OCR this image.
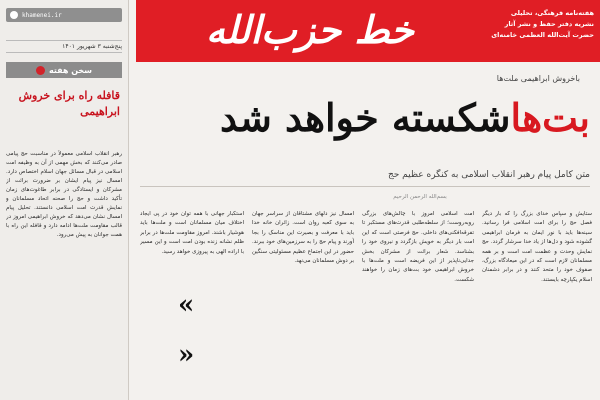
khamenei.ir
پنج‌شنبه ۳ شهریور ۱۴۰۱
سخن هفته
قافله راه برای خروش ابراهیمی
رهبر انقلاب اسلامی معمولاً در مناسبت حج پیامی صادر می‌کنند که بخش مهمی از آن به وظیفه امت اسلامی در قبال مسائل جهان اسلام اختصاص دارد. امسال نیز پیام ایشان بر ضرورت برائت از مشرکان و ایستادگی در برابر طاغوت‌های زمان تأکید داشت و حج را صحنه اتحاد مسلمانان و نمایش قدرت امت اسلامی دانستند. تحلیل پیام امسال نشان می‌دهد که خروش ابراهیمی امروز در قالب مقاومت ملت‌ها ادامه دارد و قافله این راه با همت جوانان به پیش می‌رود.
خط حزب‌الله	هفته‌نامه فرهنگی، تحلیلی
نشریه دفتر حفظ و نشر آثار
حضرت آیت‌الله العظمی خامنه‌ای
باخروش ابراهیمی ملت‌ها
بت‌هاشکسته خواهد شد
متن کامل پیام رهبر انقلاب اسلامی به کنگره عظیم حج
بسم‌الله الرحمن الرحیم
ستایش و سپاس خدای بزرگ را که بار دیگر فصل حج را برای امت اسلامی فرا رسانید. سینه‌ها باید با نور ایمان به فرمان ابراهیمی گشوده شود و دل‌ها از یاد خدا سرشار گردد. حج نمایش وحدت و عظمت امت است و بر همه مسلمانان لازم است که در این میعادگاه بزرگ، صفوف خود را متحد کنند و در برابر دشمنان اسلام یکپارچه بایستند.
امت اسلامی امروز با چالش‌های بزرگی روبه‌روست؛ از سلطه‌طلبی قدرت‌های مستکبر تا تفرقه‌افکنی‌های داخلی. حج فرصتی است که این امت بار دیگر به خویش بازگردد و نیروی خود را بشناسد. شعار برائت از مشرکان بخش جدایی‌ناپذیر از این فریضه است و ملت‌ها با خروش ابراهیمی خود بت‌های زمان را خواهند شکست.
امسال نیز دلهای مشتاقان از سراسر جهان به سوی کعبه روان است. زائران خانه خدا باید با معرفت و بصیرت این مناسک را بجا آورند و پیام حج را به سرزمین‌های خود ببرند. حضور در این اجتماع عظیم مسئولیتی سنگین بر دوش مسلمانان می‌نهد.
استکبار جهانی با همه توان خود در پی ایجاد اختلاف میان مسلمانان است و ملت‌ها باید هوشیار باشند. امروز مقاومت ملت‌ها در برابر ظلم نشانه زنده بودن امت است و این مسیر با اراده الهی به پیروزی خواهد رسید.
«
»
